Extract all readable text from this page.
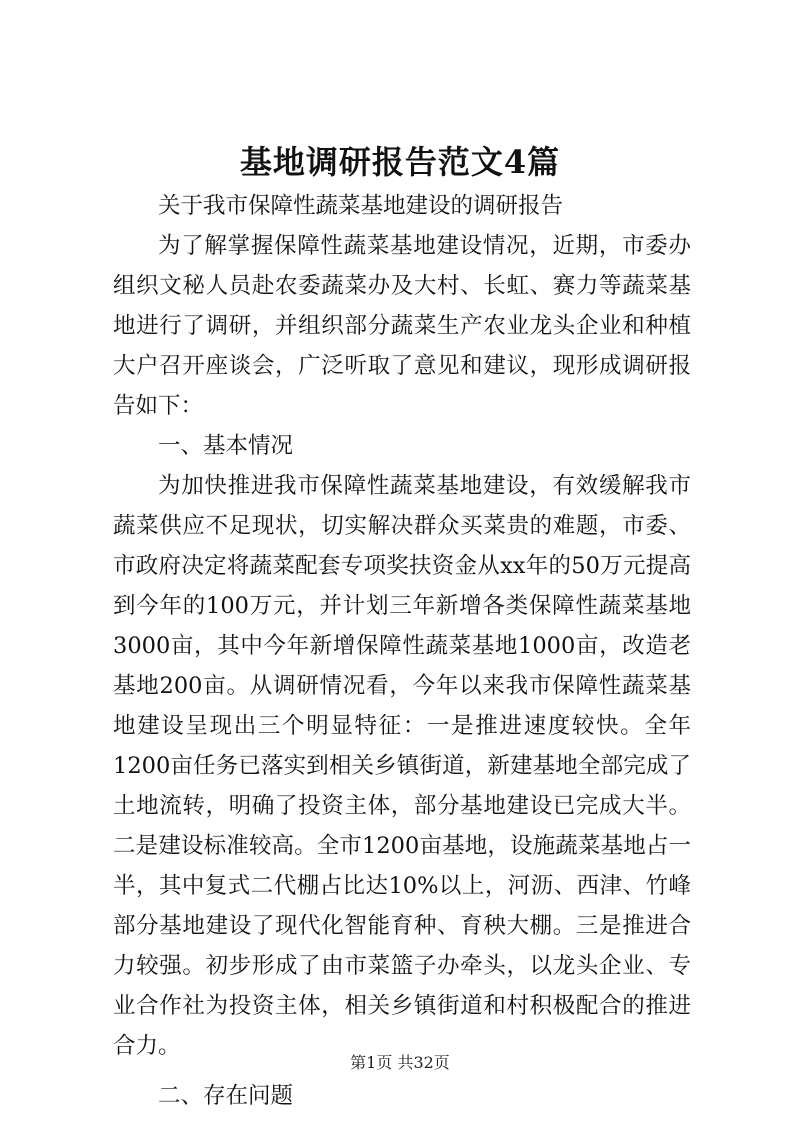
基地调研报告范文4篇

关于我市保障性蔬菜基地建设的调研报告

为了解掌握保障性蔬菜基地建设情况，近期，市委办组织文秘人员赴农委蔬菜办及大村、长虹、赛力等蔬菜基地进行了调研，并组织部分蔬菜生产农业龙头企业和种植大户召开座谈会，广泛听取了意见和建议，现形成调研报告如下：

一、基本情况

为加快推进我市保障性蔬菜基地建设，有效缓解我市蔬菜供应不足现状，切实解决群众买菜贵的难题，市委、市政府决定将蔬菜配套专项奖扶资金从xx年的50万元提高到今年的100万元，并计划三年新增各类保障性蔬菜基地3000亩，其中今年新增保障性蔬菜基地1000亩，改造老基地200亩。从调研情况看，今年以来我市保障性蔬菜基地建设呈现出三个明显特征：一是推进速度较快。全年1200亩任务已落实到相关乡镇街道，新建基地全部完成了土地流转，明确了投资主体，部分基地建设已完成大半。二是建设标准较高。全市1200亩基地，设施蔬菜基地占一半，其中复式二代棚占比达10%以上，河沥、西津、竹峰部分基地建设了现代化智能育种、育秧大棚。三是推进合力较强。初步形成了由市菜篮子办牵头，以龙头企业、专业合作社为投资主体，相关乡镇街道和村积极配合的推进合力。

二、存在问题

第1页 共32页
